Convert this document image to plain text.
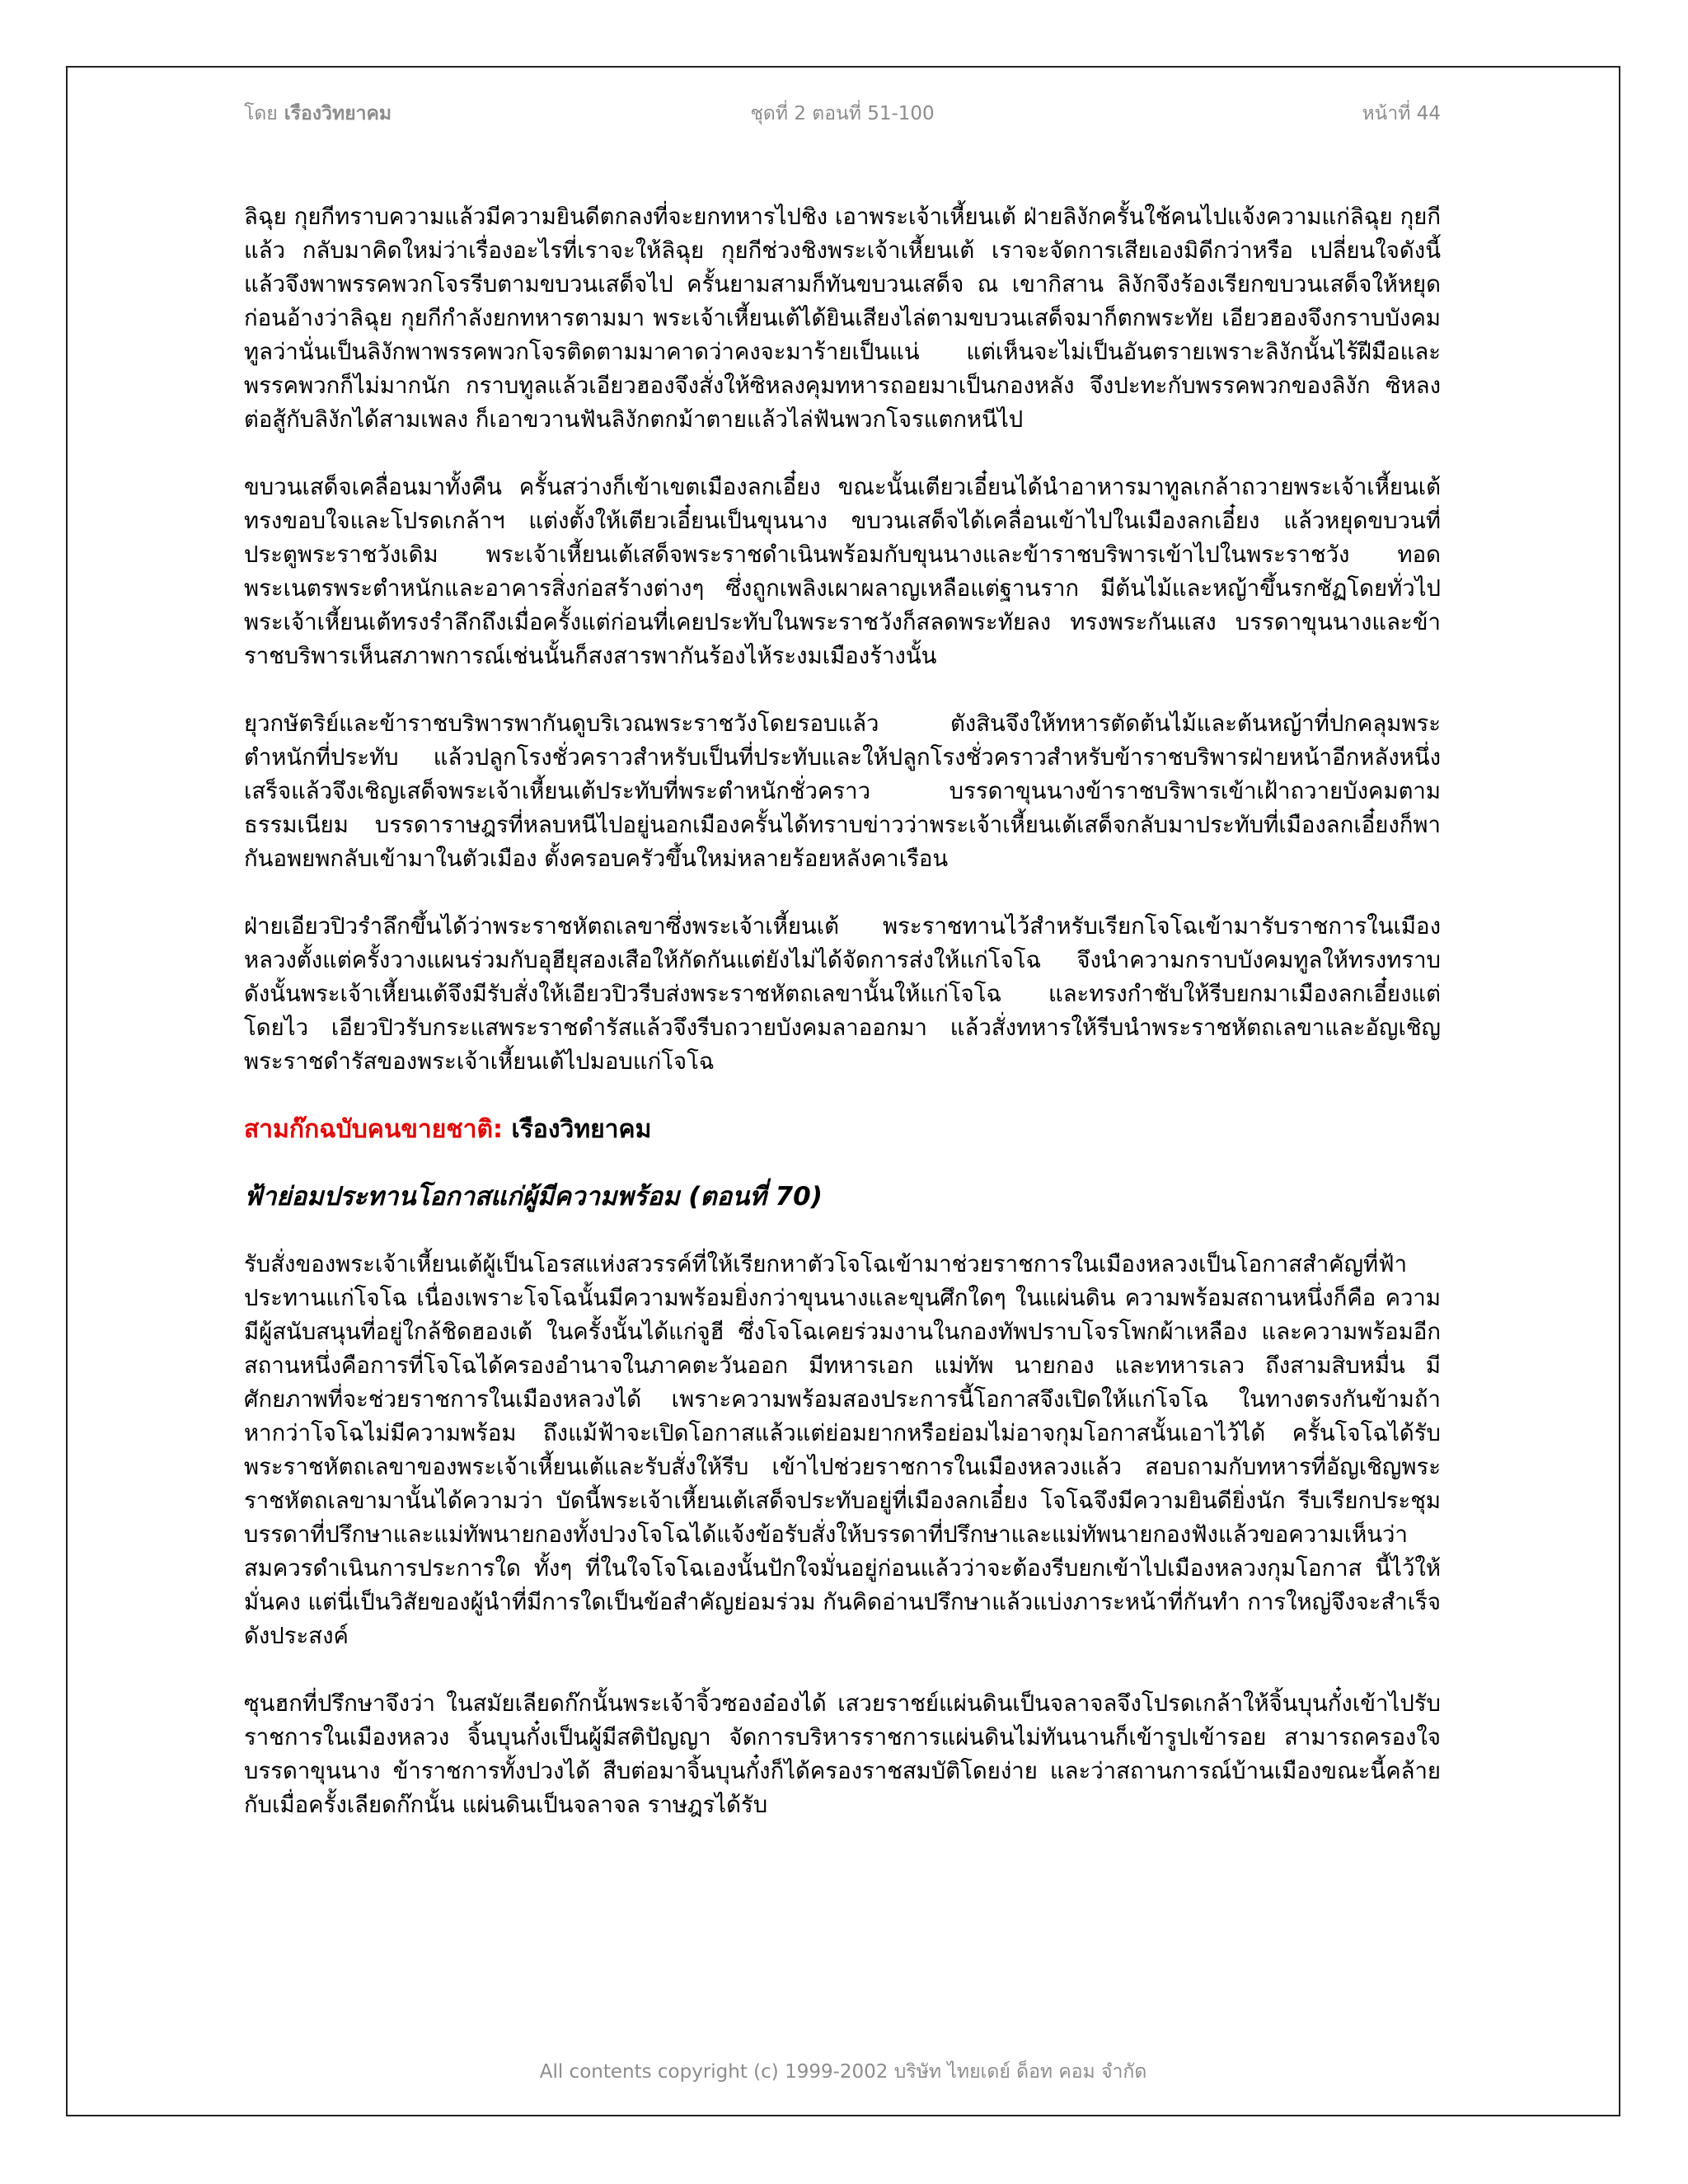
โดย เรืองวิทยาคม	ชุดที่ 2 ตอนที่ 51-100	หน้าที่ 44

ลิฉุย กุยกีทราบความแล้วมีความยินดีตกลงที่จะยกทหารไปชิง เอาพระเจ้าเหี้ยนเต้ ฝ่ายลิงักครั้นใช้คนไปแจ้งความแก่ลิฉุย กุยกีแล้ว กลับมาคิดใหม่ว่าเรื่องอะไรที่เราจะให้ลิฉุย กุยกีช่วงชิงพระเจ้าเหี้ยนเต้ เราจะจัดการเสียเองมิดีกว่าหรือ เปลี่ยนใจดังนี้แล้วจึงพาพรรคพวกโจรรีบตามขบวนเสด็จไป ครั้นยามสามก็ทันขบวนเสด็จ ณ เขากิสาน ลิงักจึงร้องเรียกขบวนเสด็จให้หยุดก่อนอ้างว่าลิฉุย กุยกีกำลังยกทหารตามมา พระเจ้าเหี้ยนเต้ได้ยินเสียงไล่ตามขบวนเสด็จมาก็ตกพระทัย เอียวฮองจึงกราบบังคมทูลว่านั่นเป็นลิงักพาพรรคพวกโจรติดตามมาคาดว่าคงจะมาร้ายเป็นแน่ แต่เห็นจะไม่เป็นอันตรายเพราะลิงักนั้นไร้ฝีมือและพรรคพวกก็ไม่มากนัก กราบทูลแล้วเอียวฮองจึงสั่งให้ซิหลงคุมทหารถอยมาเป็นกองหลัง จึงปะทะกับพรรคพวกของลิงัก ซิหลงต่อสู้กับลิงักได้สามเพลง ก็เอาขวานฟันลิงักตกม้าตายแล้วไล่ฟันพวกโจรแตกหนีไป

ขบวนเสด็จเคลื่อนมาทั้งคืน ครั้นสว่างก็เข้าเขตเมืองลกเอี๋ยง ขณะนั้นเตียวเอี๋ยนได้นำอาหารมาทูลเกล้าถวายพระเจ้าเหี้ยนเต้ทรงขอบใจและโปรดเกล้าฯ แต่งตั้งให้เตียวเอี๋ยนเป็นขุนนาง ขบวนเสด็จได้เคลื่อนเข้าไปในเมืองลกเอี๋ยง แล้วหยุดขบวนที่ประตูพระราชวังเดิม พระเจ้าเหี้ยนเต้เสด็จพระราชดำเนินพร้อมกับขุนนางและข้าราชบริพารเข้าไปในพระราชวัง ทอดพระเนตรพระตำหนักและอาคารสิ่งก่อสร้างต่างๆ ซึ่งถูกเพลิงเผาผลาญเหลือแต่ฐานราก มีต้นไม้และหญ้าขึ้นรกชัฏโดยทั่วไป พระเจ้าเหี้ยนเต้ทรงรำลึกถึงเมื่อครั้งแต่ก่อนที่เคยประทับในพระราชวังก็สลดพระทัยลง ทรงพระกันแสง บรรดาขุนนางและข้าราชบริพารเห็นสภาพการณ์เช่นนั้นก็สงสารพากันร้องไห้ระงมเมืองร้างนั้น

ยุวกษัตริย์และข้าราชบริพารพากันดูบริเวณพระราชวังโดยรอบแล้ว ตังสินจึงให้ทหารตัดต้นไม้และต้นหญ้าที่ปกคลุมพระตำหนักที่ประทับ แล้วปลูกโรงชั่วคราวสำหรับเป็นที่ประทับและให้ปลูกโรงชั่วคราวสำหรับข้าราชบริพารฝ่ายหน้าอีกหลังหนึ่ง เสร็จแล้วจึงเชิญเสด็จพระเจ้าเหี้ยนเต้ประทับที่พระตำหนักชั่วคราว บรรดาขุนนางข้าราชบริพารเข้าเฝ้าถวายบังคมตามธรรมเนียม บรรดาราษฎรที่หลบหนีไปอยู่นอกเมืองครั้นได้ทราบข่าวว่าพระเจ้าเหี้ยนเต้เสด็จกลับมาประทับที่เมืองลกเอี๋ยงก็พากันอพยพกลับเข้ามาในตัวเมือง ตั้งครอบครัวขึ้นใหม่หลายร้อยหลังคาเรือน

ฝ่ายเอียวปิวรำลึกขึ้นได้ว่าพระราชหัตถเลขาซึ่งพระเจ้าเหี้ยนเต้ พระราชทานไว้สำหรับเรียกโจโฉเข้ามารับราชการในเมืองหลวงตั้งแต่ครั้งวางแผนร่วมกับอุฮียุสองเสือให้กัดกันแต่ยังไม่ได้จัดการส่งให้แก่โจโฉ จึงนำความกราบบังคมทูลให้ทรงทราบ ดังนั้นพระเจ้าเหี้ยนเต้จึงมีรับสั่งให้เอียวปิวรีบส่งพระราชหัตถเลขานั้นให้แก่โจโฉ และทรงกำชับให้รีบยกมาเมืองลกเอี๋ยงแต่โดยไว เอียวปิวรับกระแสพระราชดำรัสแล้วจึงรีบถวายบังคมลาออกมา แล้วสั่งทหารให้รีบนำพระราชหัตถเลขาและอัญเชิญพระราชดำรัสของพระเจ้าเหี้ยนเต้ไปมอบแก่โจโฉ

สามก๊กฉบับคนขายชาติ: เรืองวิทยาคม
ฟ้าย่อมประทานโอกาสแก่ผู้มีความพร้อม (ตอนที่ 70)

รับสั่งของพระเจ้าเหี้ยนเต้ผู้เป็นโอรสแห่งสวรรค์ที่ให้เรียกหาตัวโจโฉเข้ามาช่วยราชการในเมืองหลวงเป็นโอกาสสำคัญที่ฟ้าประทานแก่โจโฉ เนื่องเพราะโจโฉนั้นมีความพร้อมยิ่งกว่าขุนนางและขุนศึกใดๆ ในแผ่นดิน ความพร้อมสถานหนึ่งก็คือ ความมีผู้สนับสนุนที่อยู่ใกล้ชิดฮองเต้ ในครั้งนั้นได้แก่จูฮี ซึ่งโจโฉเคยร่วมงานในกองทัพปราบโจรโพกผ้าเหลือง และความพร้อมอีกสถานหนึ่งคือการที่โจโฉได้ครองอำนาจในภาคตะวันออก มีทหารเอก แม่ทัพ นายกอง และทหารเลว ถึงสามสิบหมื่น มีศักยภาพที่จะช่วยราชการในเมืองหลวงได้ เพราะความพร้อมสองประการนี้โอกาสจึงเปิดให้แก่โจโฉ ในทางตรงกันข้ามถ้าหากว่าโจโฉไม่มีความพร้อม ถึงแม้ฟ้าจะเปิดโอกาสแล้วแต่ย่อมยากหรือย่อมไม่อาจกุมโอกาสนั้นเอาไว้ได้ ครั้นโจโฉได้รับพระราชหัตถเลขาของพระเจ้าเหี้ยนเต้และรับสั่งให้รีบ เข้าไปช่วยราชการในเมืองหลวงแล้ว สอบถามกับทหารที่อัญเชิญพระราชหัตถเลขามานั้นได้ความว่า บัดนี้พระเจ้าเหี้ยนเต้เสด็จประทับอยู่ที่เมืองลกเอี๋ยง โจโฉจึงมีความยินดียิ่งนัก รีบเรียกประชุม บรรดาที่ปรึกษาและแม่ทัพนายกองทั้งปวงโจโฉได้แจ้งข้อรับสั่งให้บรรดาที่ปรึกษาและแม่ทัพนายกองฟังแล้วขอความเห็นว่าสมควรดำเนินการประการใด ทั้งๆ ที่ในใจโจโฉเองนั้นปักใจมั่นอยู่ก่อนแล้วว่าจะต้องรีบยกเข้าไปเมืองหลวงกุมโอกาส นี้ไว้ให้มั่นคง แต่นี่เป็นวิสัยของผู้นำที่มีการใดเป็นข้อสำคัญย่อมร่วม กันคิดอ่านปรึกษาแล้วแบ่งภาระหน้าที่กันทำ การใหญ่จึงจะสำเร็จดังประสงค์

ซุนฮกที่ปรึกษาจึงว่า ในสมัยเลียดก๊กนั้นพระเจ้าจิ้วซองอ๋องได้ เสวยราชย์แผ่นดินเป็นจลาจลจึงโปรดเกล้าให้จิ้นบุนกั๋งเข้าไปรับราชการในเมืองหลวง จิ้นบุนกั๋งเป็นผู้มีสติปัญญา จัดการบริหารราชการแผ่นดินไม่ทันนานก็เข้ารูปเข้ารอย สามารถครองใจบรรดาขุนนาง ข้าราชการทั้งปวงได้ สืบต่อมาจิ้นบุนกั๋งก็ได้ครองราชสมบัติโดยง่าย และว่าสถานการณ์บ้านเมืองขณะนี้คล้ายกับเมื่อครั้งเลียดก๊กนั้น แผ่นดินเป็นจลาจล ราษฎรได้รับ

All contents copyright (c) 1999-2002 บริษัท ไทยเดย์ ด็อท คอม จำกัด
